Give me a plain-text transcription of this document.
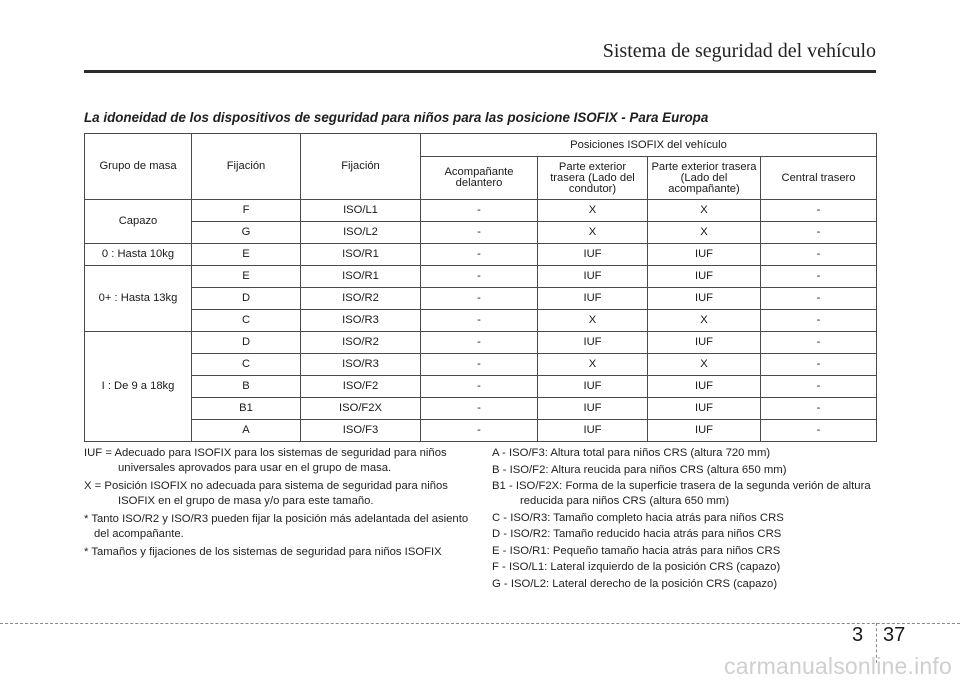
Sistema de seguridad del vehículo
La idoneidad de los dispositivos de seguridad para niños para las posicione ISOFIX - Para Europa
Grupo de masa	Fijación	Fijación	Posiciones ISOFIX del vehículo			
			Acompañante delantero	Parte exterior trasera (Lado del condutor)	Parte exterior trasera (Lado del acompañante)	Central trasero
Capazo	F	ISO/L1	-	X	X	-
	G	ISO/L2	-	X	X	-
0 : Hasta 10kg	E	ISO/R1	-	IUF	IUF	-
0+ : Hasta 13kg	E	ISO/R1	-	IUF	IUF	-
	D	ISO/R2	-	IUF	IUF	-
	C	ISO/R3	-	X	X	-
I : De 9 a 18kg	D	ISO/R2	-	IUF	IUF	-
	C	ISO/R3	-	X	X	-
	B	ISO/F2	-	IUF	IUF	-
	B1	ISO/F2X	-	IUF	IUF	-
	A	ISO/F3	-	IUF	IUF	-

IUF = Adecuado para ISOFIX para los sistemas de seguridad para niños universales aprovados para usar en el grupo de masa.

X = Posición ISOFIX no adecuada para sistema de seguridad para niños ISOFIX en el grupo de masa y/o para este tamaño.

* Tanto ISO/R2 y ISO/R3 pueden fijar la posición más adelantada del asiento del acompañante.

* Tamaños y fijaciones de los sistemas de seguridad para niños ISOFIX

A - ISO/F3: Altura total para niños CRS (altura 720 mm)

B - ISO/F2: Altura reucida para niños CRS (altura 650 mm)

B1 - ISO/F2X: Forma de la superficie trasera de la segunda verión de altura reducida para niños CRS (altura 650 mm)

C - ISO/R3: Tamaño completo hacia atrás para niños CRS

D - ISO/R2: Tamaño reducido hacia atrás para niños CRS

E - ISO/R1: Pequeño tamaño hacia atrás para niños CRS

F - ISO/L1: Lateral izquierdo de la posición CRS (capazo)

G - ISO/L2: Lateral derecho de la posición CRS (capazo)

3 37
carmanualsonline.info
